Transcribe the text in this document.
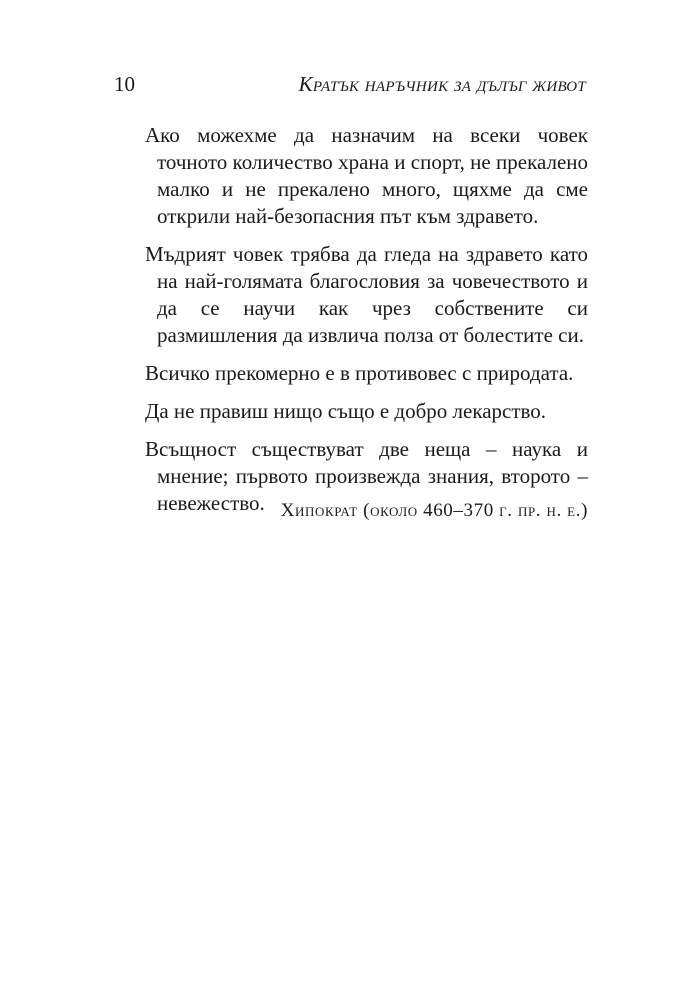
10	Кратък наръчник за дълъг живот

Ако можехме да назначим на всеки човек точното количество храна и спорт, не прекалено малко и не прекалено много, щяхме да сме открили най-безопасния път към здравето.

Мъдрият човек трябва да гледа на здравето като на най-голямата благословия за човечеството и да се научи как чрез собствените си размишления да извлича полза от болестите си.

Всичко прекомерно е в противовес с природата.

Да не правиш нищо също е добро лекарство.

Всъщност съществуват две неща – наука и мнение; първото произвежда знания, второто – невежество. Хипократ (около 460–370 г. пр. н. е.)
